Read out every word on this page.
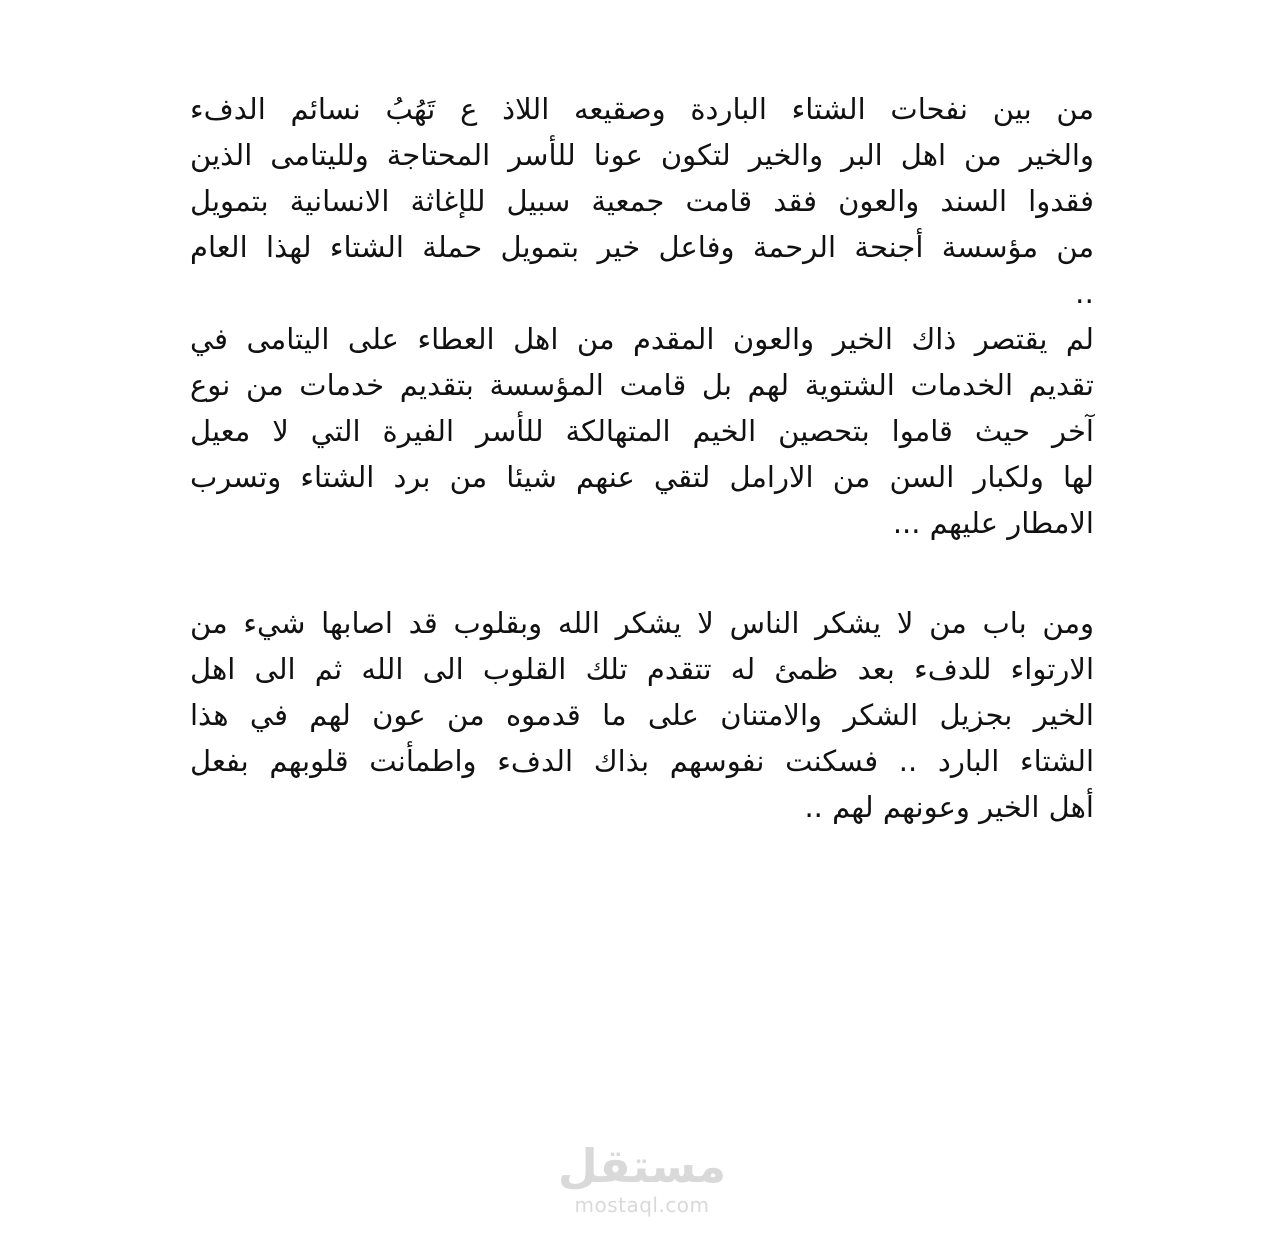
من بين نفحات الشتاء الباردة وصقيعه اللاذ ع تَهُبُ نسائم الدفء
والخير من اهل البر والخير لتكون عونا للأسر المحتاجة ولليتامى الذين
فقدوا السند والعون فقد قامت جمعية سبيل للإغاثة الانسانية بتمويل
من مؤسسة أجنحة الرحمة وفاعل خير بتمويل حملة الشتاء لهذا العام
..
لم يقتصر ذاك الخير والعون المقدم من اهل العطاء على اليتامى في
تقديم الخدمات الشتوية لهم بل قامت المؤسسة بتقديم خدمات من نوع
آخر حيث قاموا بتحصين الخيم المتهالكة للأسر الفيرة التي لا معيل
لها ولكبار السن من الارامل لتقي عنهم شيئا من برد الشتاء وتسرب
الامطار عليهم ...
ومن باب من لا يشكر الناس لا يشكر الله وبقلوب قد اصابها شيء من
الارتواء للدفء بعد ظمئ له تتقدم تلك القلوب الى الله ثم الى اهل
الخير بجزيل الشكر والامتنان على ما قدموه من عون لهم في هذا
الشتاء البارد .. فسكنت نفوسهم بذاك الدفء واطمأنت قلوبهم بفعل
أهل الخير وعونهم لهم ..
مستقل
mostaql.com
